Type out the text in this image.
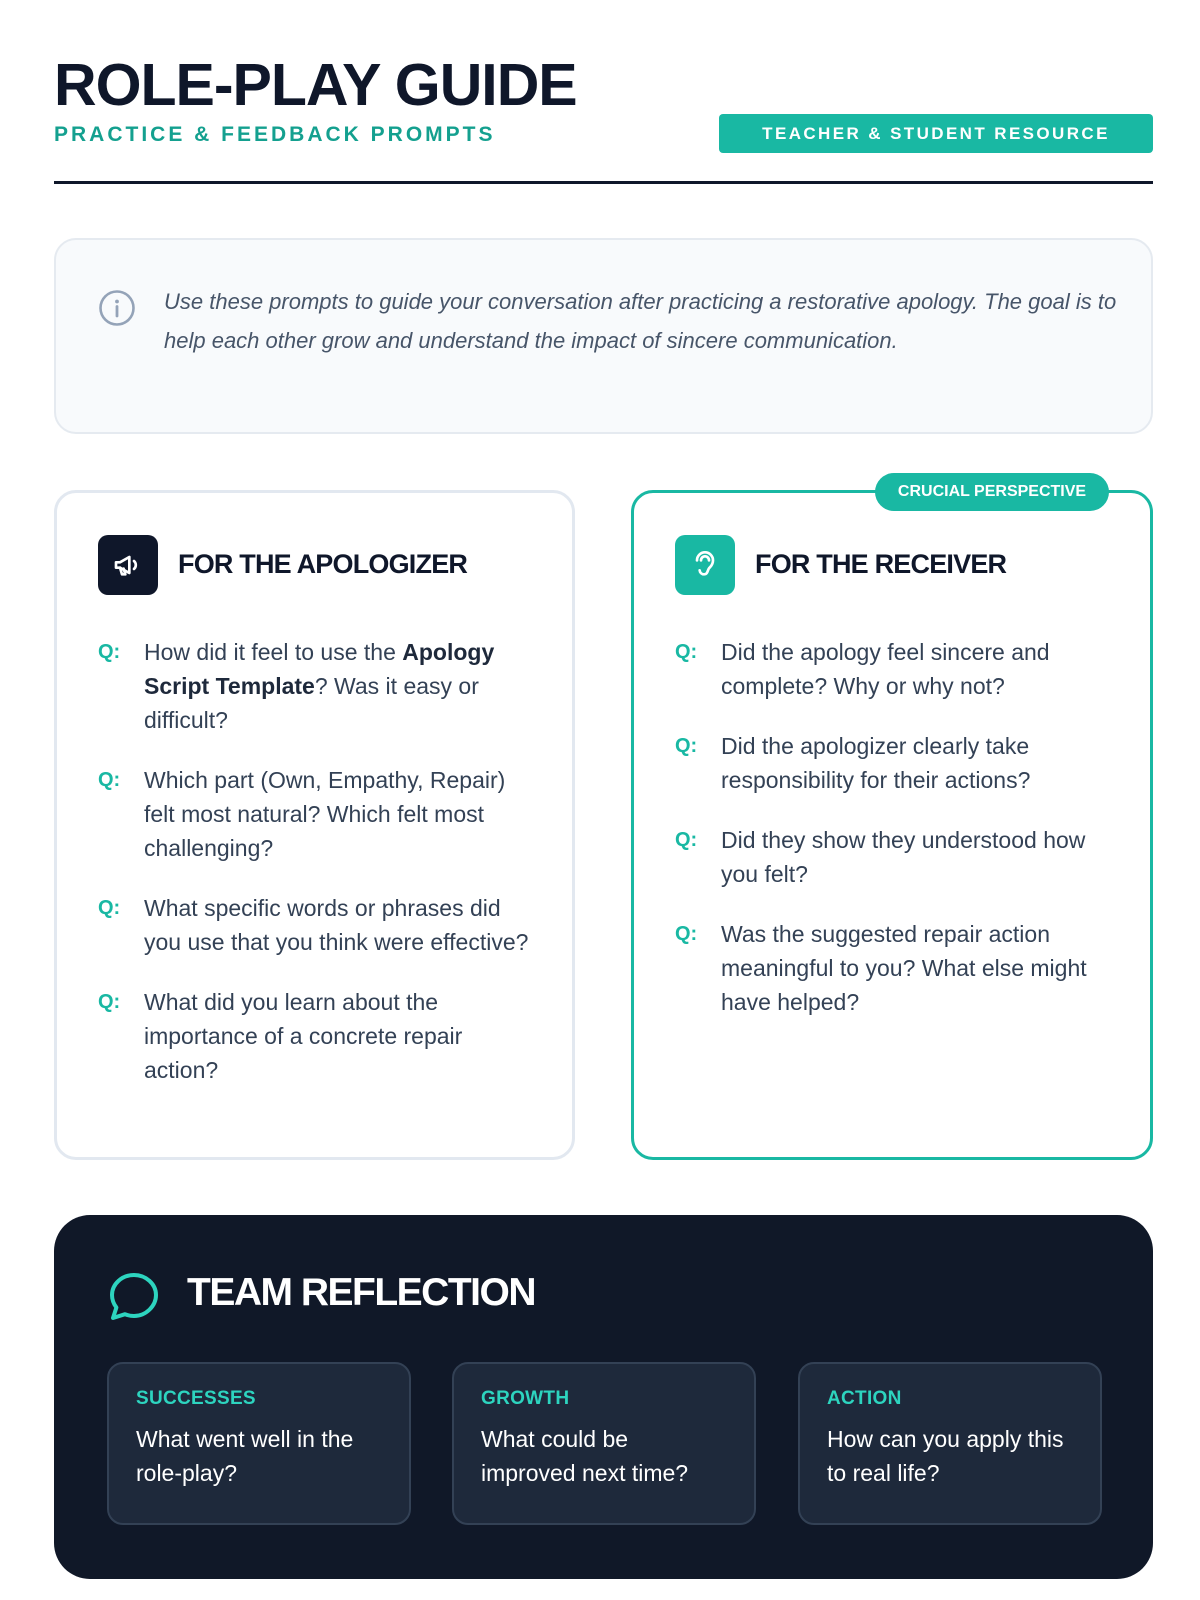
ROLE-PLAY GUIDE
PRACTICE & FEEDBACK PROMPTS	TEACHER & STUDENT RESOURCE

Use these prompts to guide your conversation after practicing a restorative apology. The goal is to help each other grow and understand the impact of sincere communication.

FOR THE APOLOGIZER
Q:	How did it feel to use the Apology Script Template? Was it easy or difficult?
Q:	Which part (Own, Empathy, Repair) felt most natural? Which felt most challenging?
Q:	What specific words or phrases did you use that you think were effective?
Q:	What did you learn about the importance of a concrete repair action?
CRUCIAL PERSPECTIVE
FOR THE RECEIVER
Q:	Did the apology feel sincere and complete? Why or why not?
Q:	Did the apologizer clearly take responsibility for their actions?
Q:	Did they show they understood how you felt?
Q:	Was the suggested repair action meaningful to you? What else might have helped?
TEAM REFLECTION
SUCCESSES
What went well in the role-play?
GROWTH
What could be improved next time?
ACTION
How can you apply this to real life?
